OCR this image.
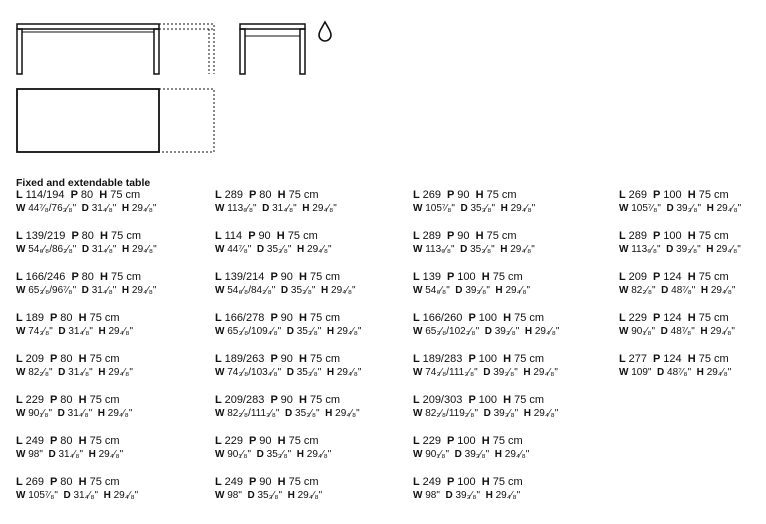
Fixed and extendable table
L 114/194  P 80  H 75 cm
W 44⁷⁄₈/76₃⁄₈"  D 31₄⁄₈"  H 29₄⁄₈"
L 139/219  P 80  H 75 cm
W 54₆⁄₈/86₂⁄₈"  D 31₄⁄₈"  H 29₄⁄₈"
L 166/246  P 80  H 75 cm
W 65₃⁄₈/96⁷⁄₈"  D 31₄⁄₈"  H 29₄⁄₈"
L 189  P 80  H 75 cm
W 74₃⁄₈"  D 31₄⁄₈"  H 29₄⁄₈"
L 209  P 80  H 75 cm
W 82₂⁄₈"  D 31₄⁄₈"  H 29₄⁄₈"
L 229  P 80  H 75 cm
W 90₁⁄₈"  D 31₄⁄₈"  H 29₄⁄₈"
L 249  P 80  H 75 cm
W 98"  D 31₄⁄₈"  H 29₄⁄₈"
L 269  P 80  H 75 cm
W 105⁷⁄₈"  D 31₄⁄₈"  H 29₄⁄₈"
L 289  P 80  H 75 cm
W 113₆⁄₈"  D 31₄⁄₈"  H 29₄⁄₈"
L 114  P 90  H 75 cm
W 44⁷⁄₈"  D 35₃⁄₈"  H 29₄⁄₈"
L 139/214  P 90  H 75 cm
W 54₆⁄₈/84₂⁄₈"  D 35₃⁄₈"  H 29₄⁄₈"
L 166/278  P 90  H 75 cm
W 65₃⁄₈/109₄⁄₈"  D 35₃⁄₈"  H 29₄⁄₈"
L 189/263  P 90  H 75 cm
W 74₃⁄₈/103₄⁄₈"  D 35₃⁄₈"  H 29₄⁄₈"
L 209/283  P 90  H 75 cm
W 82₂⁄₈/111₃⁄₈"  D 35₃⁄₈"  H 29₄⁄₈"
L 229  P 90  H 75 cm
W 90₁⁄₈"  D 35₃⁄₈"  H 29₄⁄₈"
L 249  P 90  H 75 cm
W 98"  D 35₃⁄₈"  H 29₄⁄₈"
L 269  P 90  H 75 cm
W 105⁷⁄₈"  D 35₃⁄₈"  H 29₄⁄₈"
L 289  P 90  H 75 cm
W 113₆⁄₈"  D 35₃⁄₈"  H 29₄⁄₈"
L 139  P 100  H 75 cm
W 54₆⁄₈"  D 39₃⁄₈"  H 29₄⁄₈"
L 166/260  P 100  H 75 cm
W 65₃⁄₈/102₃⁄₈"  D 39₃⁄₈"  H 29₄⁄₈"
L 189/283  P 100  H 75 cm
W 74₃⁄₈/111₃⁄₈"  D 39₃⁄₈"  H 29₄⁄₈"
L 209/303  P 100  H 75 cm
W 82₂⁄₈/119₂⁄₈"  D 39₃⁄₈"  H 29₄⁄₈"
L 229  P 100  H 75 cm
W 90₁⁄₈"  D 39₃⁄₈"  H 29₄⁄₈"
L 249  P 100  H 75 cm
W 98"  D 39₃⁄₈"  H 29₄⁄₈"
L 269  P 100  H 75 cm
W 105⁷⁄₈"  D 39₃⁄₈"  H 29₄⁄₈"
L 289  P 100  H 75 cm
W 113₆⁄₈"  D 39₃⁄₈"  H 29₄⁄₈"
L 209  P 124  H 75 cm
W 82₂⁄₈"  D 48⁷⁄₈"  H 29₄⁄₈"
L 229  P 124  H 75 cm
W 90₁⁄₈"  D 48⁷⁄₈"  H 29₄⁄₈"
L 277  P 124  H 75 cm
W 109"  D 48⁷⁄₈"  H 29₄⁄₈"
